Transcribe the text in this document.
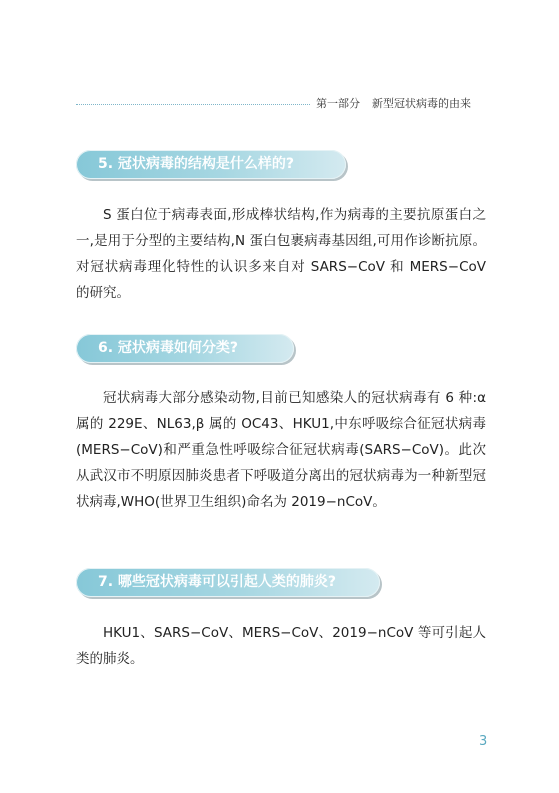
第一部分 新型冠状病毒的由来
5. 冠状病毒的结构是什么样的?
S 蛋白位于病毒表面,形成棒状结构,作为病毒的主要抗原蛋白之一,是用于分型的主要结构,N 蛋白包裹病毒基因组,可用作诊断抗原。对冠状病毒理化特性的认识多来自对 SARS−CoV 和 MERS−CoV 的研究。
6. 冠状病毒如何分类?
冠状病毒大部分感染动物,目前已知感染人的冠状病毒有 6 种:α 属的 229E、NL63,β 属的 OC43、HKU1,中东呼吸综合征冠状病毒(MERS−CoV)和严重急性呼吸综合征冠状病毒(SARS−CoV)。此次从武汉市不明原因肺炎患者下呼吸道分离出的冠状病毒为一种新型冠状病毒,WHO(世界卫生组织)命名为 2019−nCoV。
7. 哪些冠状病毒可以引起人类的肺炎?
HKU1、SARS−CoV、MERS−CoV、2019−nCoV 等可引起人类的肺炎。
3
